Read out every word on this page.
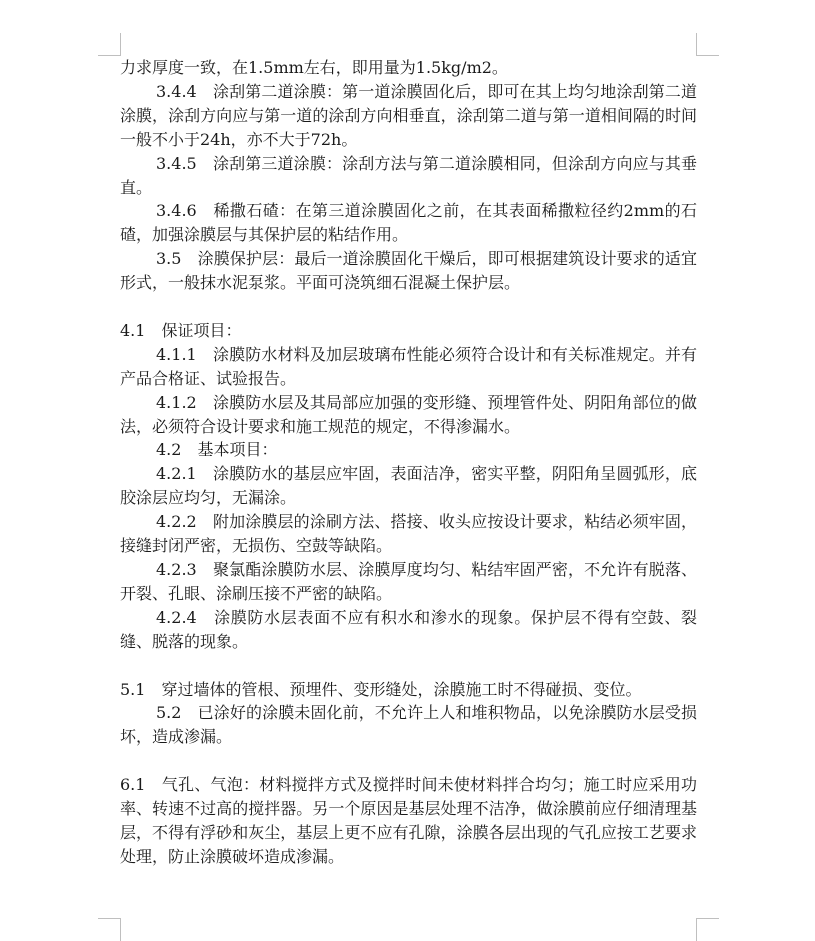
力求厚度一致，在1.5mm左右，即用量为1.5kg/m2。

3.4.4　涂刮第二道涂膜：第一道涂膜固化后，即可在其上均匀地涂刮第二道涂膜，涂刮方向应与第一道的涂刮方向相垂直，涂刮第二道与第一道相间隔的时间一般不小于24h，亦不大于72h。

3.4.5　涂刮第三道涂膜：涂刮方法与第二道涂膜相同，但涂刮方向应与其垂直。

3.4.6　稀撒石碴：在第三道涂膜固化之前，在其表面稀撒粒径约2mm的石碴，加强涂膜层与其保护层的粘结作用。

3.5　涂膜保护层：最后一道涂膜固化干燥后，即可根据建筑设计要求的适宜形式，一般抹水泥泵浆。平面可浇筑细石混凝土保护层。

4.1　保证项目：

4.1.1　涂膜防水材料及加层玻璃布性能必须符合设计和有关标准规定。并有产品合格证、试验报告。

4.1.2　涂膜防水层及其局部应加强的变形缝、预埋管件处、阴阳角部位的做法，必须符合设计要求和施工规范的规定，不得渗漏水。

4.2　基本项目：

4.2.1　涂膜防水的基层应牢固，表面洁净，密实平整，阴阳角呈圆弧形，底胶涂层应均匀，无漏涂。

4.2.2　附加涂膜层的涂刷方法、搭接、收头应按设计要求，粘结必须牢固，接缝封闭严密，无损伤、空鼓等缺陷。

4.2.3　聚氯酯涂膜防水层、涂膜厚度均匀、粘结牢固严密，不允许有脱落、开裂、孔眼、涂刷压接不严密的缺陷。

4.2.4　涂膜防水层表面不应有积水和渗水的现象。保护层不得有空鼓、裂缝、脱落的现象。

5.1　穿过墙体的管根、预埋件、变形缝处，涂膜施工时不得碰损、变位。

5.2　已涂好的涂膜未固化前，不允许上人和堆积物品，以免涂膜防水层受损坏，造成渗漏。

6.1　气孔、气泡：材料搅拌方式及搅拌时间未使材料拌合均匀；施工时应采用功率、转速不过高的搅拌器。另一个原因是基层处理不洁净，做涂膜前应仔细清理基层，不得有浮砂和灰尘，基层上更不应有孔隙，涂膜各层出现的气孔应按工艺要求处理，防止涂膜破坏造成渗漏。
